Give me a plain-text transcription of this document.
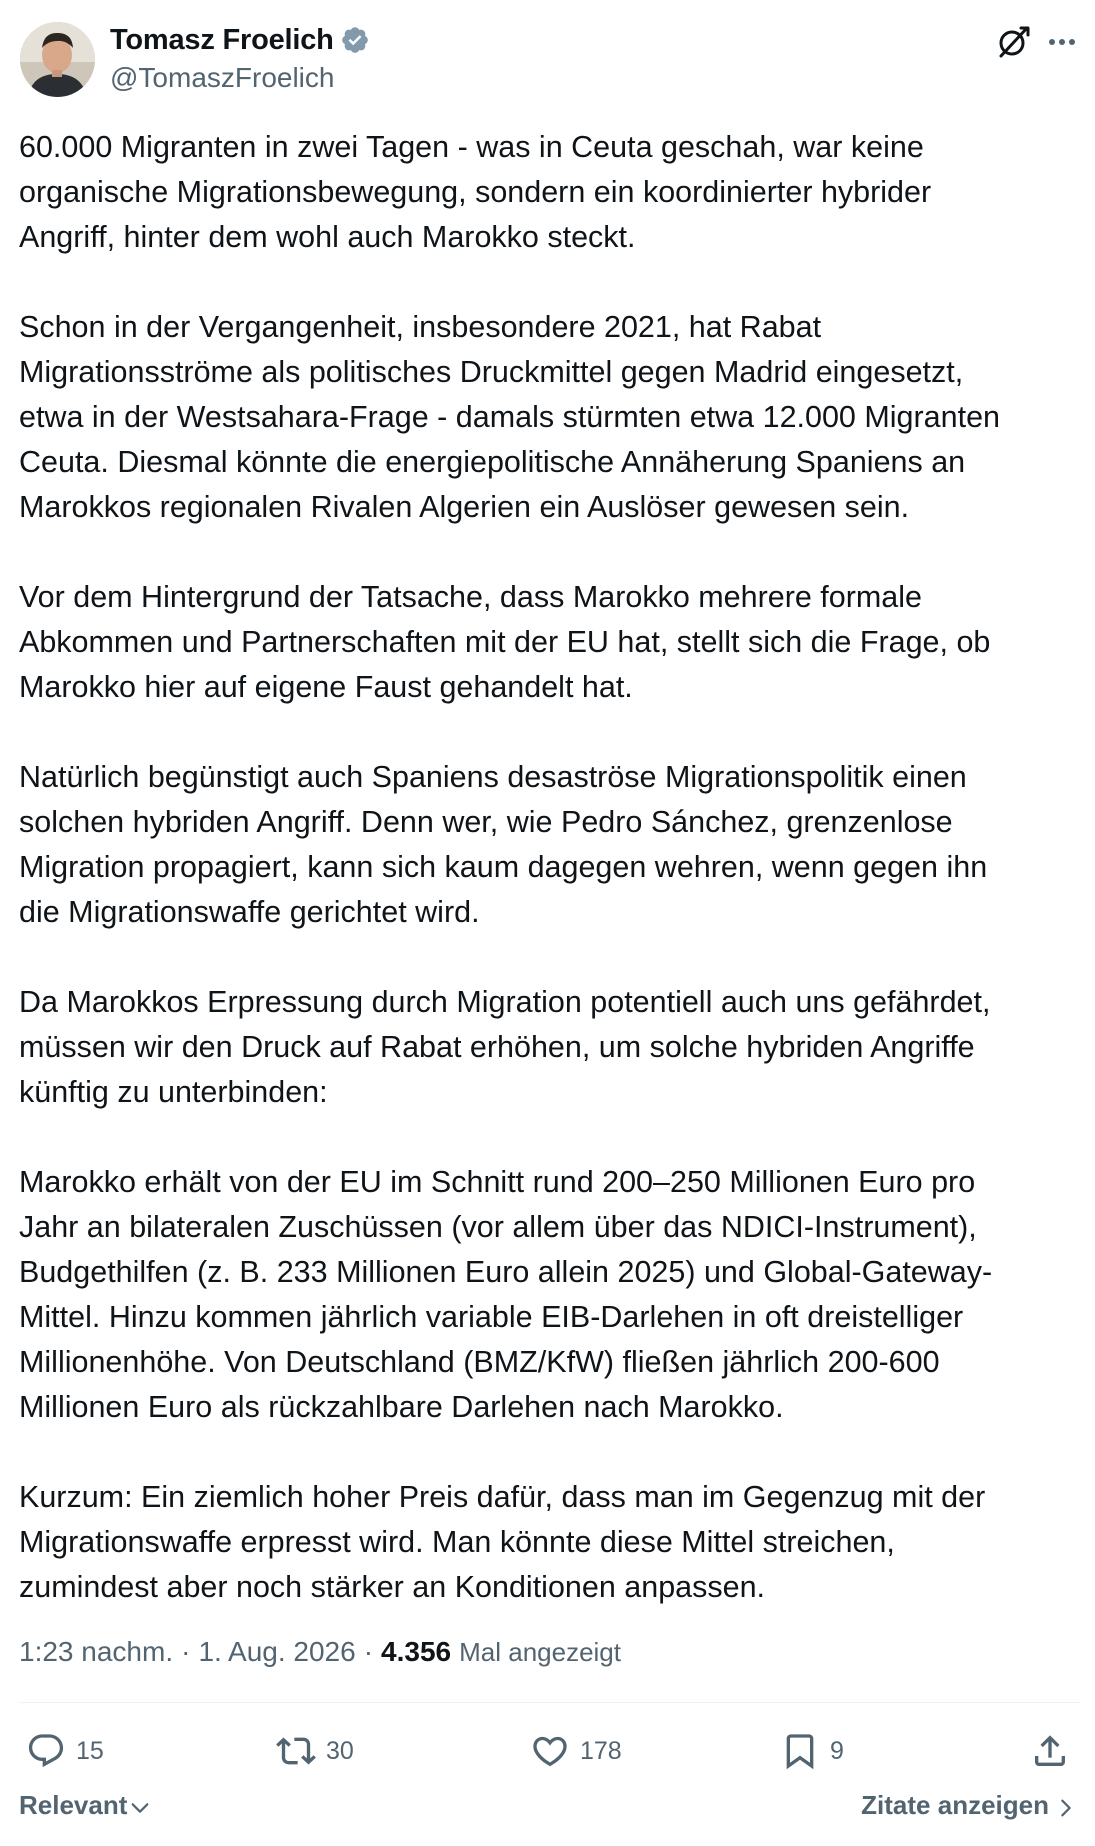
Tomasz Froelich
@TomaszFroelich

60.000 Migranten in zwei Tagen - was in Ceuta geschah, war keine
organische Migrationsbewegung, sondern ein koordinierter hybrider
Angriff, hinter dem wohl auch Marokko steckt.

Schon in der Vergangenheit, insbesondere 2021, hat Rabat
Migrationsströme als politisches Druckmittel gegen Madrid eingesetzt,
etwa in der Westsahara-Frage - damals stürmten etwa 12.000 Migranten
Ceuta. Diesmal könnte die energiepolitische Annäherung Spaniens an
Marokkos regionalen Rivalen Algerien ein Auslöser gewesen sein.

Vor dem Hintergrund der Tatsache, dass Marokko mehrere formale
Abkommen und Partnerschaften mit der EU hat, stellt sich die Frage, ob
Marokko hier auf eigene Faust gehandelt hat.

Natürlich begünstigt auch Spaniens desaströse Migrationspolitik einen
solchen hybriden Angriff. Denn wer, wie Pedro Sánchez, grenzenlose
Migration propagiert, kann sich kaum dagegen wehren, wenn gegen ihn
die Migrationswaffe gerichtet wird.

Da Marokkos Erpressung durch Migration potentiell auch uns gefährdet,
müssen wir den Druck auf Rabat erhöhen, um solche hybriden Angriffe
künftig zu unterbinden:

Marokko erhält von der EU im Schnitt rund 200–250 Millionen Euro pro
Jahr an bilateralen Zuschüssen (vor allem über das NDICI-Instrument),
Budgethilfen (z. B. 233 Millionen Euro allein 2025) und Global-Gateway-
Mittel. Hinzu kommen jährlich variable EIB-Darlehen in oft dreistelliger
Millionenhöhe. Von Deutschland (BMZ/KfW) fließen jährlich 200-600
Millionen Euro als rückzahlbare Darlehen nach Marokko.

Kurzum: Ein ziemlich hoher Preis dafür, dass man im Gegenzug mit der
Migrationswaffe erpresst wird. Man könnte diese Mittel streichen,
zumindest aber noch stärker an Konditionen anpassen.

1:23 nachm. · 1. Aug. 2026 · 4.356 Mal angezeigt
15	30	178	9
Relevant	Zitate anzeigen
